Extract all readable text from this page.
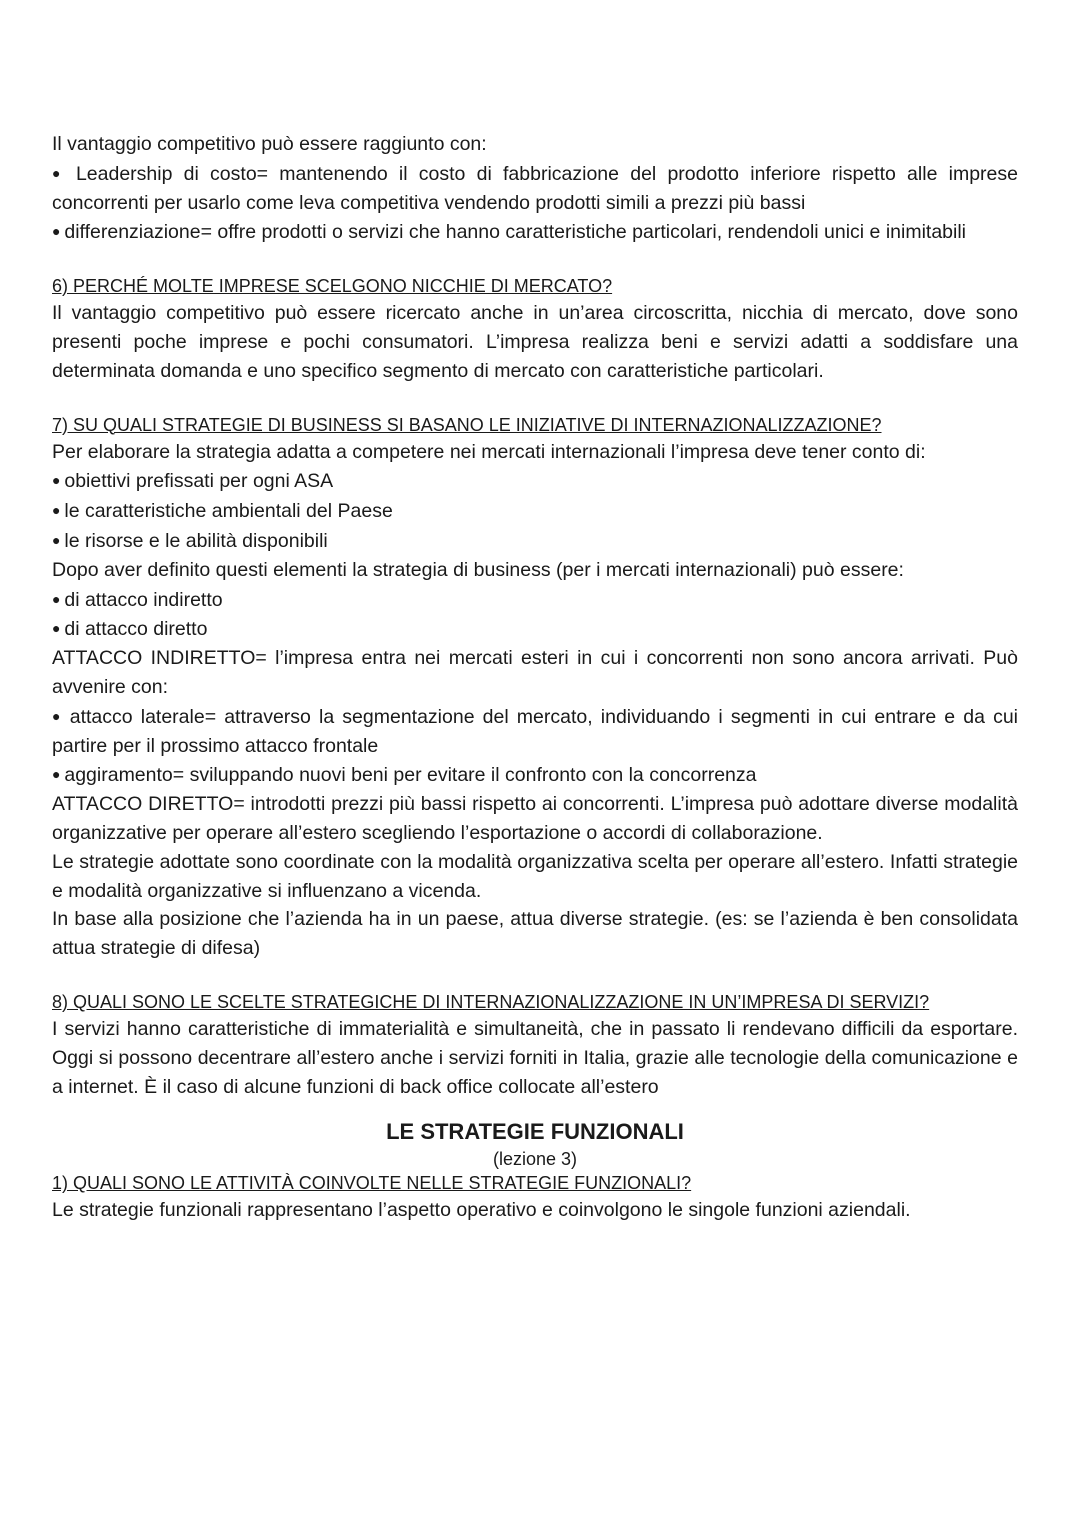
Il vantaggio competitivo può essere raggiunto con:

● Leadership di costo= mantenendo il costo di fabbricazione del prodotto inferiore rispetto alle imprese concorrenti per usarlo come leva competitiva vendendo prodotti simili a prezzi più bassi

● differenziazione= offre prodotti o servizi che hanno caratteristiche particolari, rendendoli unici e inimitabili

6) PERCHÉ MOLTE IMPRESE SCELGONO NICCHIE DI MERCATO?

Il vantaggio competitivo può essere ricercato anche in un’area circoscritta, nicchia di mercato, dove sono presenti poche imprese e pochi consumatori. L’impresa realizza beni e servizi adatti a soddisfare una determinata domanda e uno specifico segmento di mercato con caratteristiche particolari.

7) SU QUALI STRATEGIE DI BUSINESS SI BASANO LE INIZIATIVE DI INTERNAZIONALIZZAZIONE?

Per elaborare la strategia adatta a competere nei mercati internazionali l’impresa deve tener conto di:

● obiettivi prefissati per ogni ASA

● le caratteristiche ambientali del Paese

● le risorse e le abilità disponibili

Dopo aver definito questi elementi la strategia di business (per i mercati internazionali) può essere:

● di attacco indiretto

● di attacco diretto

ATTACCO INDIRETTO= l’impresa entra nei mercati esteri in cui i concorrenti non sono ancora arrivati. Può avvenire con:

● attacco laterale= attraverso la segmentazione del mercato, individuando i segmenti in cui entrare e da cui partire per il prossimo attacco frontale

● aggiramento= sviluppando nuovi beni per evitare il confronto con la concorrenza

ATTACCO DIRETTO= introdotti prezzi più bassi rispetto ai concorrenti. L’impresa può adottare diverse modalità organizzative per operare all’estero scegliendo l’esportazione o accordi di collaborazione.

Le strategie adottate sono coordinate con la modalità organizzativa scelta per operare all’estero. Infatti strategie e modalità organizzative si influenzano a vicenda.

In base alla posizione che l’azienda ha in un paese, attua diverse strategie. (es: se l’azienda è ben consolidata attua strategie di difesa)

8) QUALI SONO LE SCELTE STRATEGICHE DI INTERNAZIONALIZZAZIONE IN UN’IMPRESA DI SERVIZI?

I servizi hanno caratteristiche di immaterialità e simultaneità, che in passato li rendevano difficili da esportare. Oggi si possono decentrare all’estero anche i servizi forniti in Italia, grazie alle tecnologie della comunicazione e a internet. È il caso di alcune funzioni di back office collocate all’estero

LE STRATEGIE FUNZIONALI

(lezione 3)

1) QUALI SONO LE ATTIVITÀ COINVOLTE NELLE STRATEGIE FUNZIONALI?

Le strategie funzionali rappresentano l’aspetto operativo e coinvolgono le singole funzioni aziendali.
